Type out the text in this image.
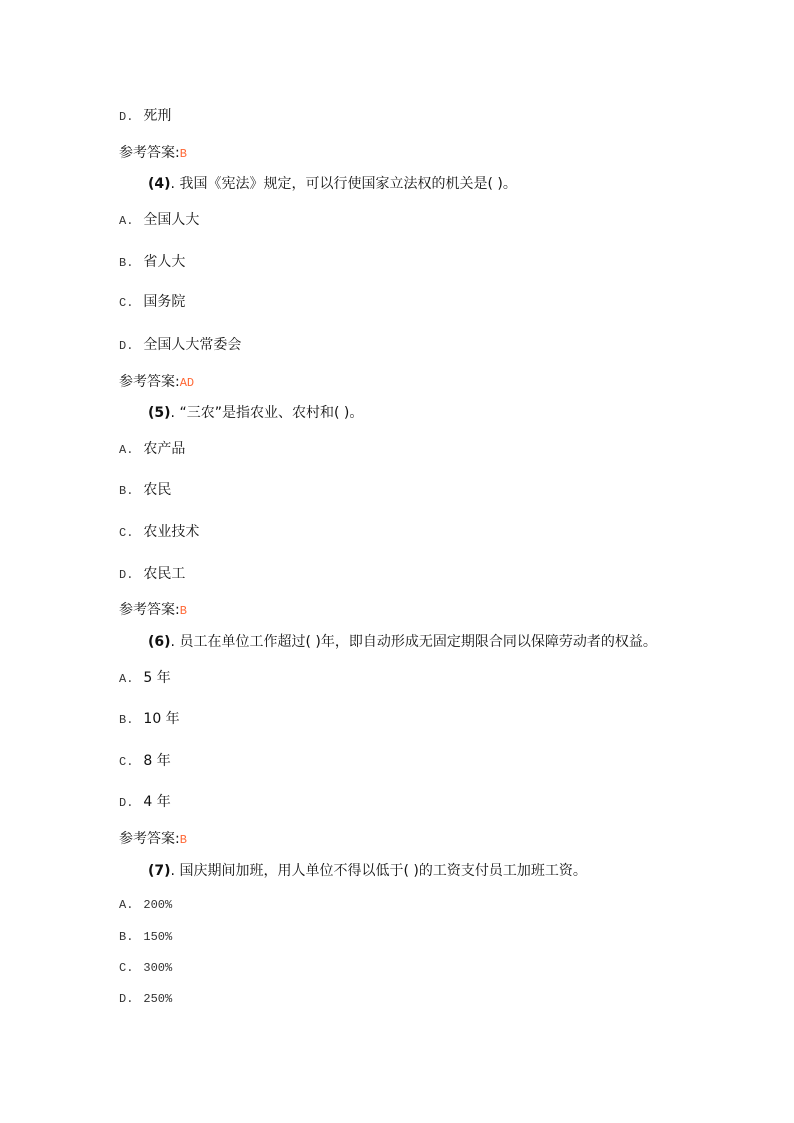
D. 死刑
参考答案:B
(4). 我国《宪法》规定，可以行使国家立法权的机关是( )。
A. 全国人大
B. 省人大
C. 国务院
D. 全国人大常委会
参考答案:AD
(5). “三农”是指农业、农村和( )。
A. 农产品
B. 农民
C. 农业技术
D. 农民工
参考答案:B
(6). 员工在单位工作超过( )年，即自动形成无固定期限合同以保障劳动者的权益。
A. 5 年
B. 10 年
C. 8 年
D. 4 年
参考答案:B
(7). 国庆期间加班，用人单位不得以低于( )的工资支付员工加班工资。
A. 200%
B. 150%
C. 300%
D. 250%
